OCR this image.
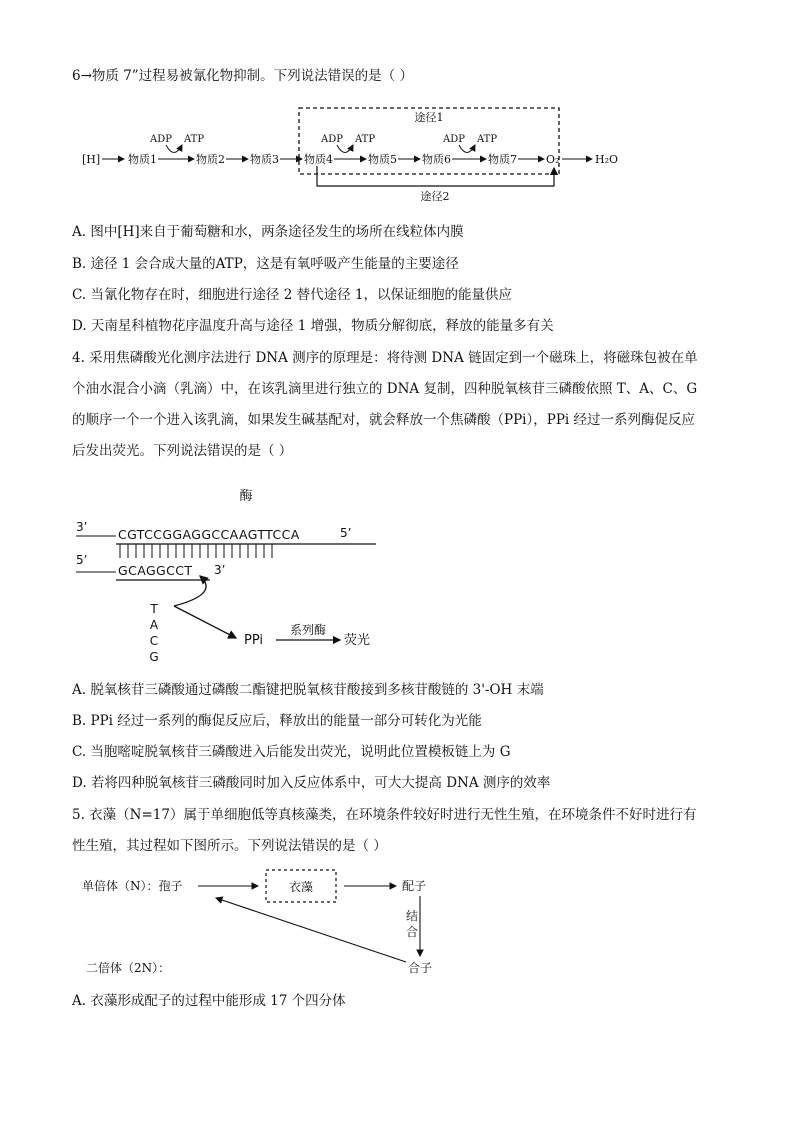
6→物质 7”过程易被氰化物抑制。下列说法错误的是（ ）
途径1
[H]	物质1	物质2 物质3 物质4	物质5 物质6	物质7	O₂	H₂O
ADP ATP	ADP ATP	ADP ATP
途径2
A. 图中[H]来自于葡萄糖和水，两条途径发生的场所在线粒体内膜
B. 途径 1 会合成大量的ATP，这是有氧呼吸产生能量的主要途径
C. 当氰化物存在时，细胞进行途径 2 替代途径 1，以保证细胞的能量供应
D. 天南星科植物花序温度升高与途径 1 增强，物质分解彻底，释放的能量多有关
4. 采用焦磷酸光化测序法进行 DNA 测序的原理是：将待测 DNA 链固定到一个磁珠上，将磁珠包被在单
个油水混合小滴（乳滴）中，在该乳滴里进行独立的 DNA 复制，四种脱氧核苷三磷酸依照 T、A、C、G
的顺序一个一个进入该乳滴，如果发生碱基配对，就会释放一个焦磷酸（PPi），PPi 经过一系列酶促反应
后发出荧光。下列说法错误的是（ ）
酶
3’ CGTCCGGAGGCCAAGTTCCA	5’
5’
GCAGGCCT 3’
T
A
C
G
PPi
系列酶
荧光
A. 脱氧核苷三磷酸通过磷酸二酯键把脱氧核苷酸接到多核苷酸链的 3'-OH 末端
B. PPi 经过一系列的酶促反应后，释放出的能量一部分可转化为光能
C. 当胞嘧啶脱氧核苷三磷酸进入后能发出荧光，说明此位置模板链上为 G
D. 若将四种脱氧核苷三磷酸同时加入反应体系中，可大大提高 DNA 测序的效率
5. 衣藻（N=17）属于单细胞低等真核藻类，在环境条件较好时进行无性生殖，在环境条件不好时进行有
性生殖，其过程如下图所示。下列说法错误的是（ ）
单倍体（N）：孢子	衣藻	配子
结
合
合子
二倍体（2N）：
A. 衣藻形成配子的过程中能形成 17 个四分体
